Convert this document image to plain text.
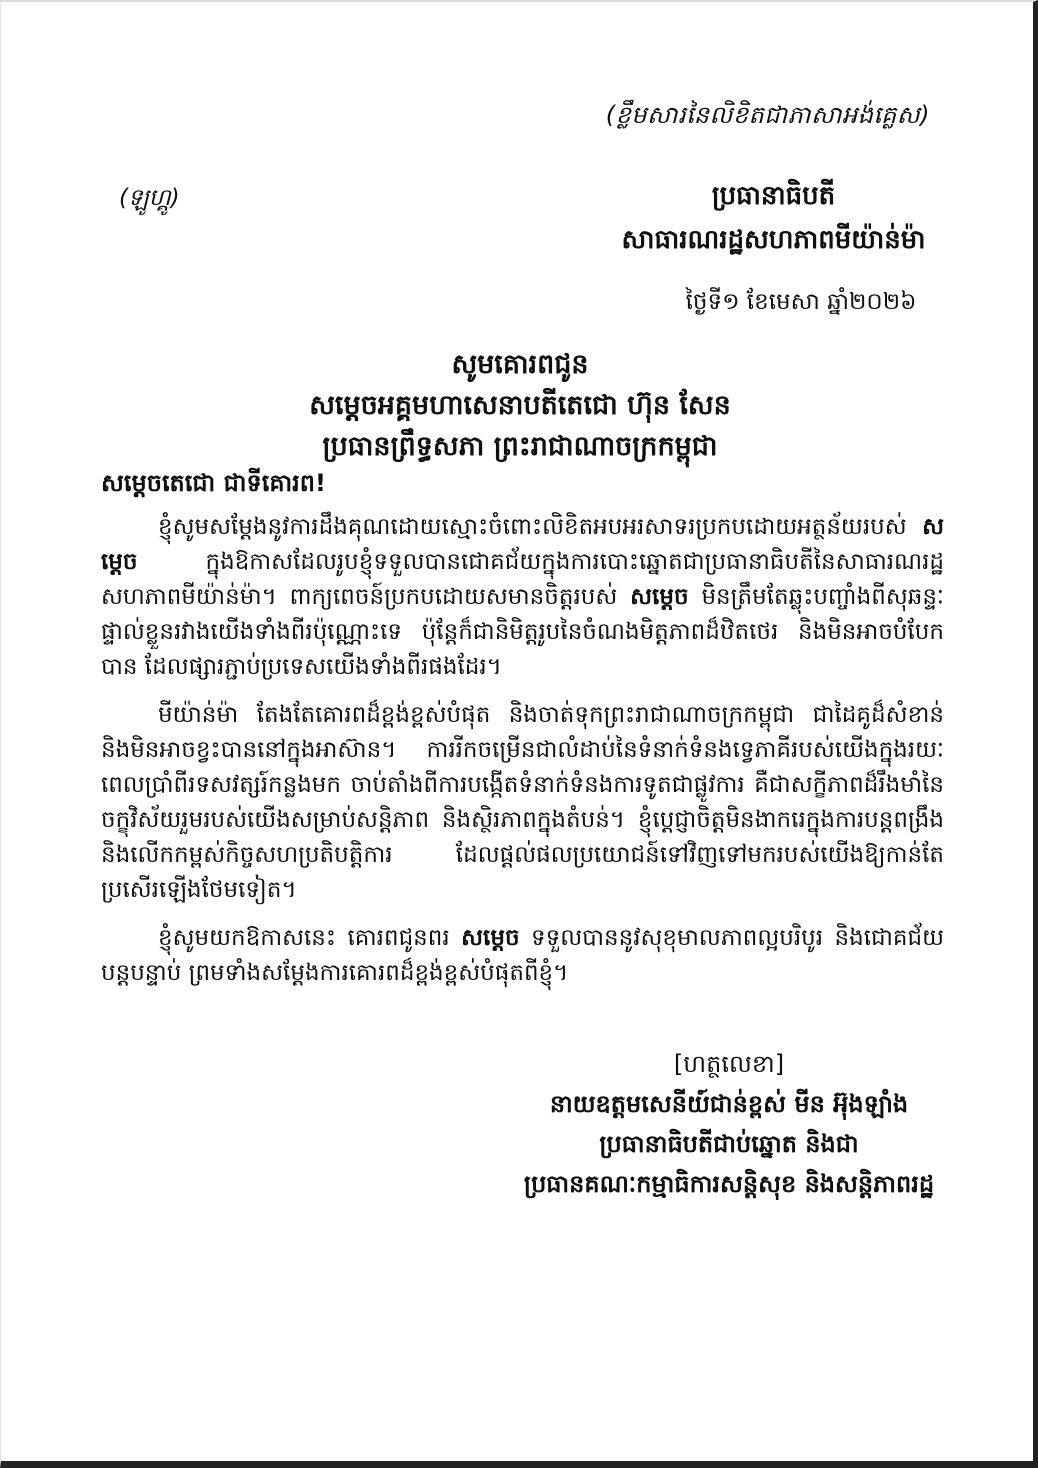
(ខ្លឹមសារនៃលិខិតជាភាសាអង់គ្លេស)
(ឡូហ្គូ)	ប្រធានាធិបតី
សាធារណរដ្ឋសហភាពមីយ៉ាន់ម៉ា
ថ្ងៃទី១ ខែមេសា ឆ្នាំ២០២៦
សូមគោរពជូន
សម្តេចអគ្គមហាសេនាបតីតេជោ ហ៊ុន សែន
ប្រធានព្រឹទ្ធសភា ព្រះរាជាណាចក្រកម្ពុជា
សម្តេចតេជោ ជាទីគោរព!

ខ្ញុំសូមសម្តែងនូវការដឹងគុណដោយស្មោះចំពោះលិខិតអបអរសាទរប្រកបដោយអត្ថន័យរបស់ សម្តេច ក្នុងឱកាសដែលរូបខ្ញុំទទួលបានជោគជ័យក្នុងការបោះឆ្នោតជាប្រធានាធិបតីនៃសាធារណរដ្ឋសហភាពមីយ៉ាន់ម៉ា។ ពាក្យពេចន៍ប្រកបដោយសមានចិត្តរបស់ សម្តេច មិនត្រឹមតែឆ្លុះបញ្ចាំងពីសុឆន្ទៈផ្ទាល់ខ្លួនរវាងយើងទាំងពីរប៉ុណ្ណោះទេ ប៉ុន្តែក៏ជានិមិត្តរូបនៃចំណងមិត្តភាពដ៏ឋិតថេរ និងមិនអាចបំបែកបាន ដែលផ្សារភ្ជាប់ប្រទេសយើងទាំងពីរផងដែរ។

មីយ៉ាន់ម៉ា តែងតែគោរពដ៏ខ្ពង់ខ្ពស់បំផុត និងចាត់ទុកព្រះរាជាណាចក្រកម្ពុជា ជាដៃគូដ៏សំខាន់ និងមិនអាចខ្វះបាននៅក្នុងអាស៊ាន។ ការរីកចម្រើនជាលំដាប់នៃទំនាក់ទំនងទ្វេភាគីរបស់យើងក្នុងរយៈពេលប្រាំពីរទសវត្សរ៍កន្លងមក ចាប់តាំងពីការបង្កើតទំនាក់ទំនងការទូតជាផ្លូវការ គឺជាសក្ខីភាពដ៏រឹងមាំនៃចក្ខុវិស័យរួមរបស់យើងសម្រាប់សន្តិភាព និងស្ថិរភាពក្នុងតំបន់។ ខ្ញុំប្តេជ្ញាចិត្តមិនងាករេក្នុងការបន្តពង្រឹង និងលើកកម្ពស់កិច្ចសហប្រតិបត្តិការ ដែលផ្តល់ផលប្រយោជន៍ទៅវិញទៅមករបស់យើងឱ្យកាន់តែប្រសើរឡើងថែមទៀត។

ខ្ញុំសូមយកឱកាសនេះ គោរពជូនពរ សម្តេច ទទួលបាននូវសុខុមាលភាពល្អបរិបូរ និងជោគជ័យបន្តបន្ទាប់ ព្រមទាំងសម្តែងការគោរពដ៏ខ្ពង់ខ្ពស់បំផុតពីខ្ញុំ។

[ហត្ថលេខា]
នាយឧត្តមសេនីយ៍ជាន់ខ្ពស់ មីន អ៊ុងឡាំង
ប្រធានាធិបតីជាប់ឆ្នោត និងជា
ប្រធានគណៈកម្មាធិការសន្តិសុខ និងសន្តិភាពរដ្ឋ
